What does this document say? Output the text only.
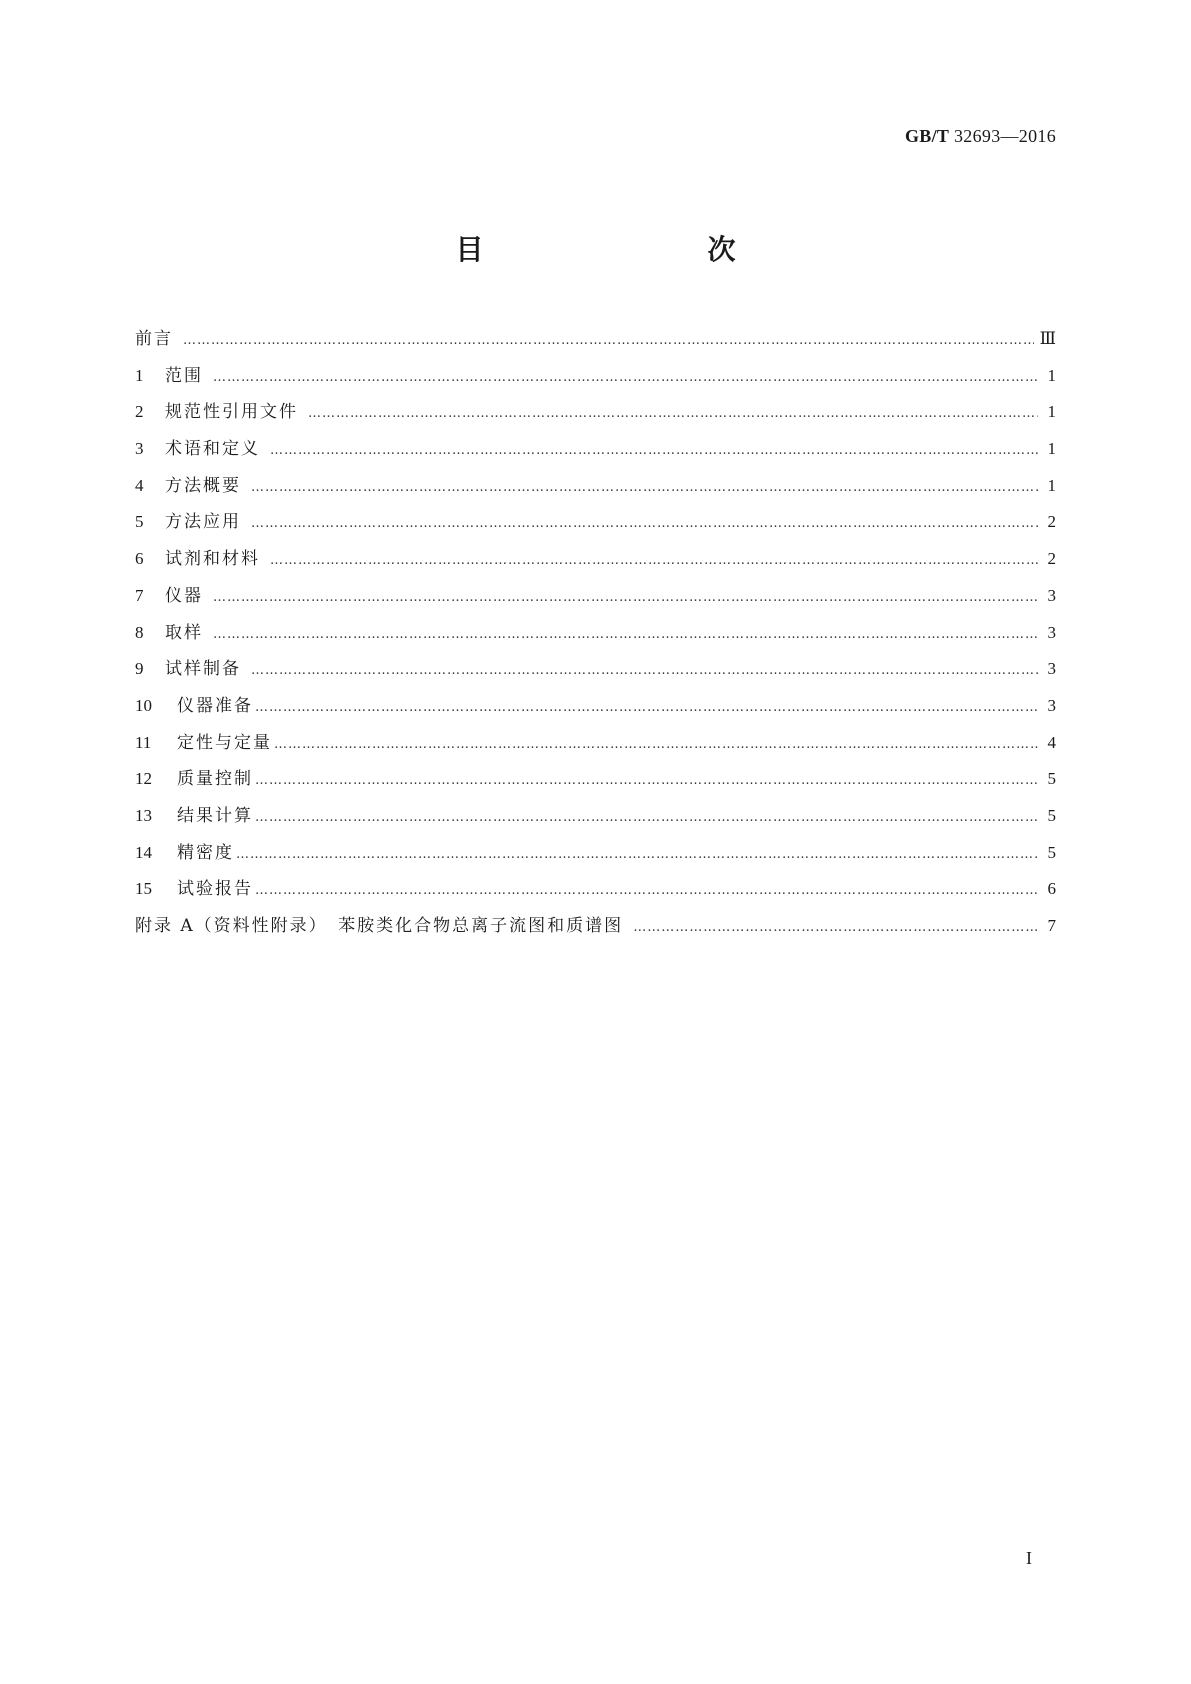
GB/T 32693—2016
目　　次
前言 …………………………………………………………………………………………………………………………………………………………………………………………………………	Ⅲ
1	范围 …………………………………………………………………………………………………………………………………………………………………………………………………………	1
2	规范性引用文件 …………………………………………………………………………………………………………………………………………………………………………………………………………	1
3	术语和定义 …………………………………………………………………………………………………………………………………………………………………………………………………………	1
4	方法概要 …………………………………………………………………………………………………………………………………………………………………………………………………………	1
5	方法应用 …………………………………………………………………………………………………………………………………………………………………………………………………………	2
6	试剂和材料 …………………………………………………………………………………………………………………………………………………………………………………………………………	2
7	仪器 …………………………………………………………………………………………………………………………………………………………………………………………………………	3
8	取样 …………………………………………………………………………………………………………………………………………………………………………………………………………	3
9	试样制备 …………………………………………………………………………………………………………………………………………………………………………………………………………	3
10	仪器准备 …………………………………………………………………………………………………………………………………………………………………………………………………………	3
11	定性与定量 …………………………………………………………………………………………………………………………………………………………………………………………………………	4
12	质量控制 …………………………………………………………………………………………………………………………………………………………………………………………………………	5
13	结果计算 …………………………………………………………………………………………………………………………………………………………………………………………………………	5
14	精密度 …………………………………………………………………………………………………………………………………………………………………………………………………………	5
15	试验报告 …………………………………………………………………………………………………………………………………………………………………………………………………………	6
附录 A（资料性附录）　苯胺类化合物总离子流图和质谱图 …………………………………………………………………………………………………………………………………………………………………………………………………………	7
I
